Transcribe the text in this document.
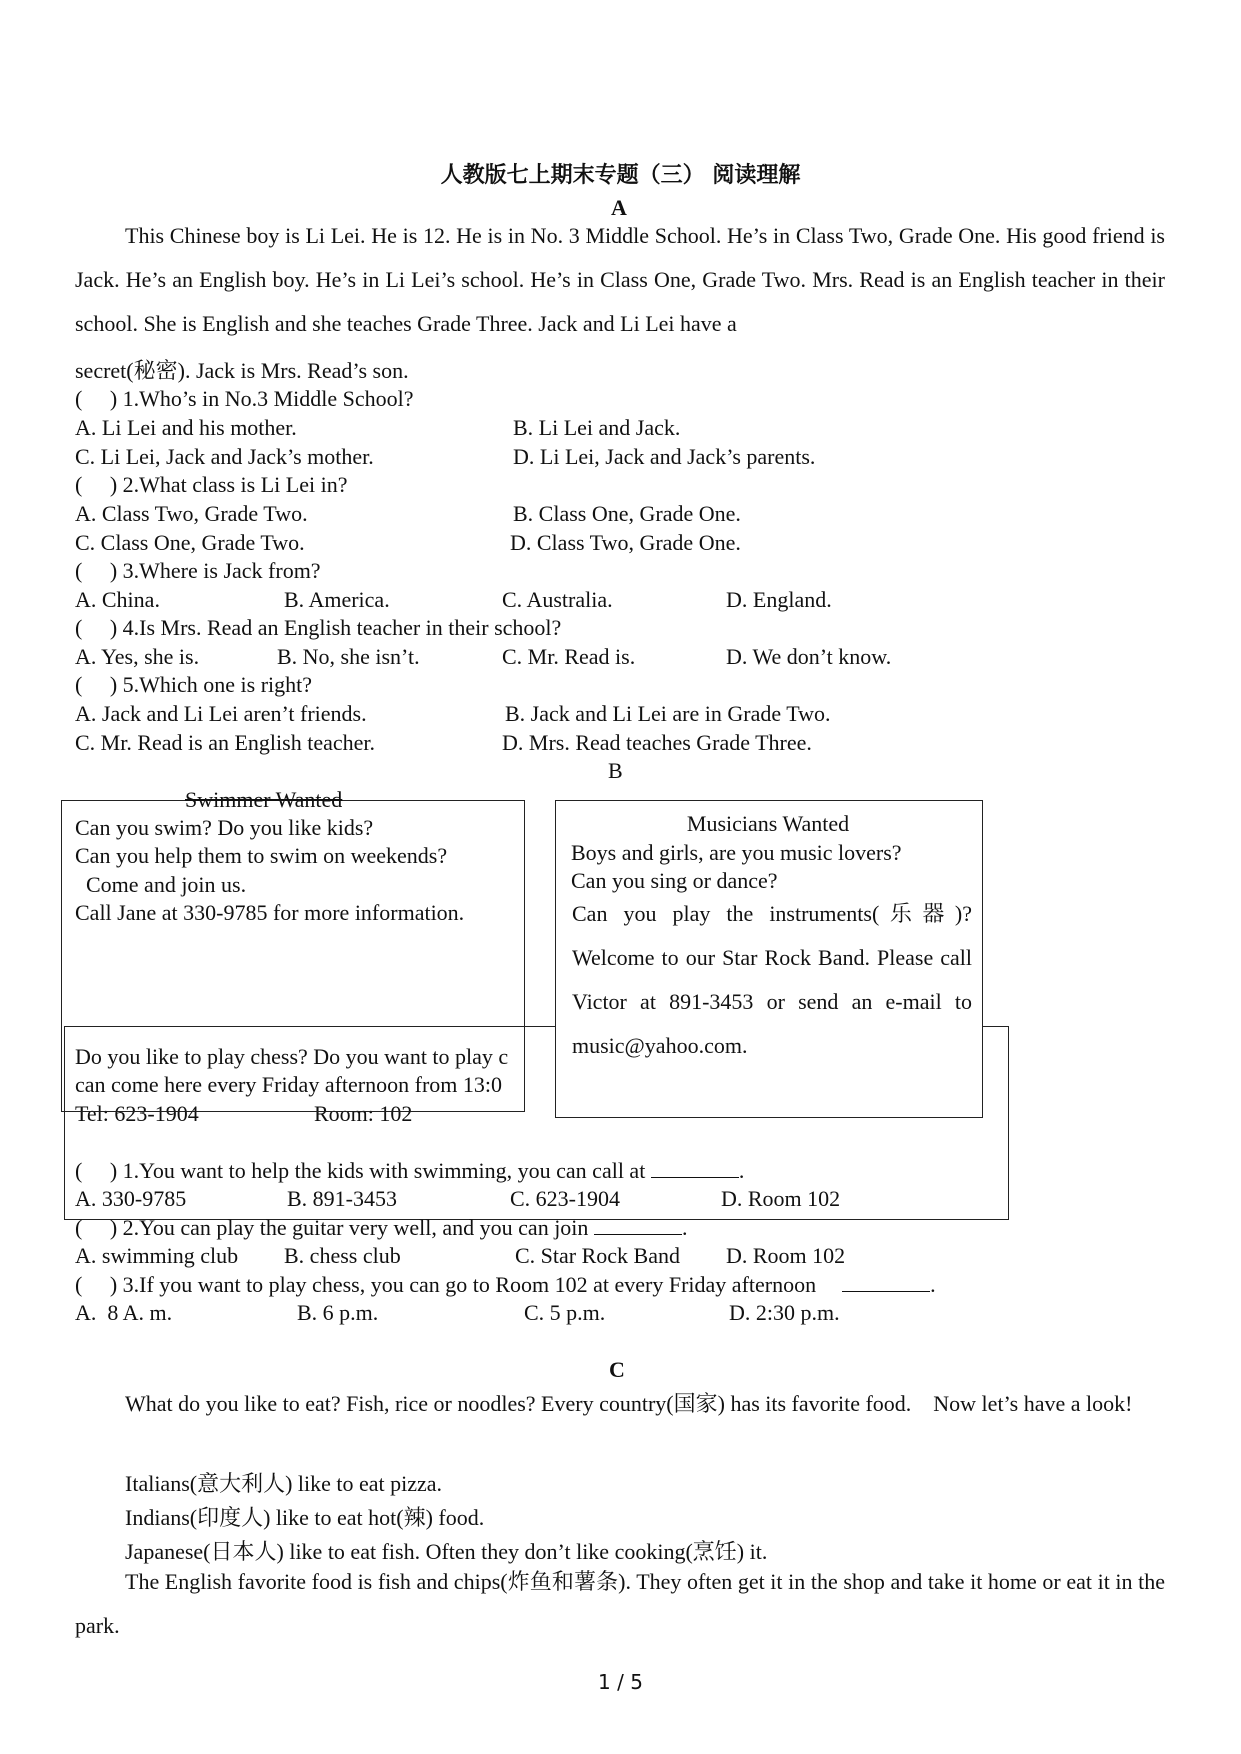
人教版七上期末专题（三） 阅读理解
A
This Chinese boy is Li Lei. He is 12. He is in No. 3 Middle School. He’s in Class Two, Grade One. His good friend is Jack. He’s an English boy. He’s in Li Lei’s school. He’s in Class One, Grade Two. Mrs. Read is an English teacher in their school. She is English and she teaches Grade Three. Jack and Li Lei have a
secret(秘密). Jack is Mrs. Read’s son.
(     ) 1.Who’s in No.3 Middle School?
A. Li Lei and his mother.	B. Li Lei and Jack.
C. Li Lei, Jack and Jack’s mother.	D. Li Lei, Jack and Jack’s parents.
(     ) 2.What class is Li Lei in?
A. Class Two, Grade Two.	B. Class One, Grade One.
C. Class One, Grade Two.	D. Class Two, Grade One.
(     ) 3.Where is Jack from?
A. China.	B. America.	C. Australia.	D. England.
(     ) 4.Is Mrs. Read an English teacher in their school?
A. Yes, she is.	B. No, she isn’t.	C. Mr. Read is.	D. We don’t know.
(     ) 5.Which one is right?
A. Jack and Li Lei aren’t friends.	B. Jack and Li Lei are in Grade Two.
C. Mr. Read is an English teacher.	D. Mrs. Read teaches Grade Three.
B
Do you like to play chess? Do you want to play c
can come here every Friday afternoon from 13:0
Tel: 623-1904	Room: 102
Swimmer Wanted
Can you swim? Do you like kids?
Can you help them to swim on weekends?
Come and join us.
Call Jane at 330-9785 for more information.
Musicians Wanted
Boys and girls, are you music lovers?
Can you sing or dance?
Can you play the instruments(乐器)? Welcome to our Star Rock Band. Please call Victor at 891-3453 or send an e-mail to music@yahoo.com.
(     ) 1.You want to help the kids with swimming, you can call at	.
A. 330-9785	B. 891-3453	C. 623-1904	D. Room 102
(     ) 2.You can play the guitar very well, and you can join	.
A. swimming club B. chess club	C. Star Rock Band D. Room 102
(     ) 3.If you want to play chess, you can go to Room 102 at every Friday afternoon	.
A.  8 A. m.	B. 6 p.m.	C. 5 p.m.	D. 2:30 p.m.
C
What do you like to eat? Fish, rice or noodles? Every country(国家) has its favorite food.    Now let’s have a look!
Italians(意大利人) like to eat pizza.
Indians(印度人) like to eat hot(辣) food.
Japanese(日本人) like to eat fish. Often they don’t like cooking(烹饪) it.
The English favorite food is fish and chips(炸鱼和薯条). They often get it in the shop and take it home or eat it in the park.
1 / 5
